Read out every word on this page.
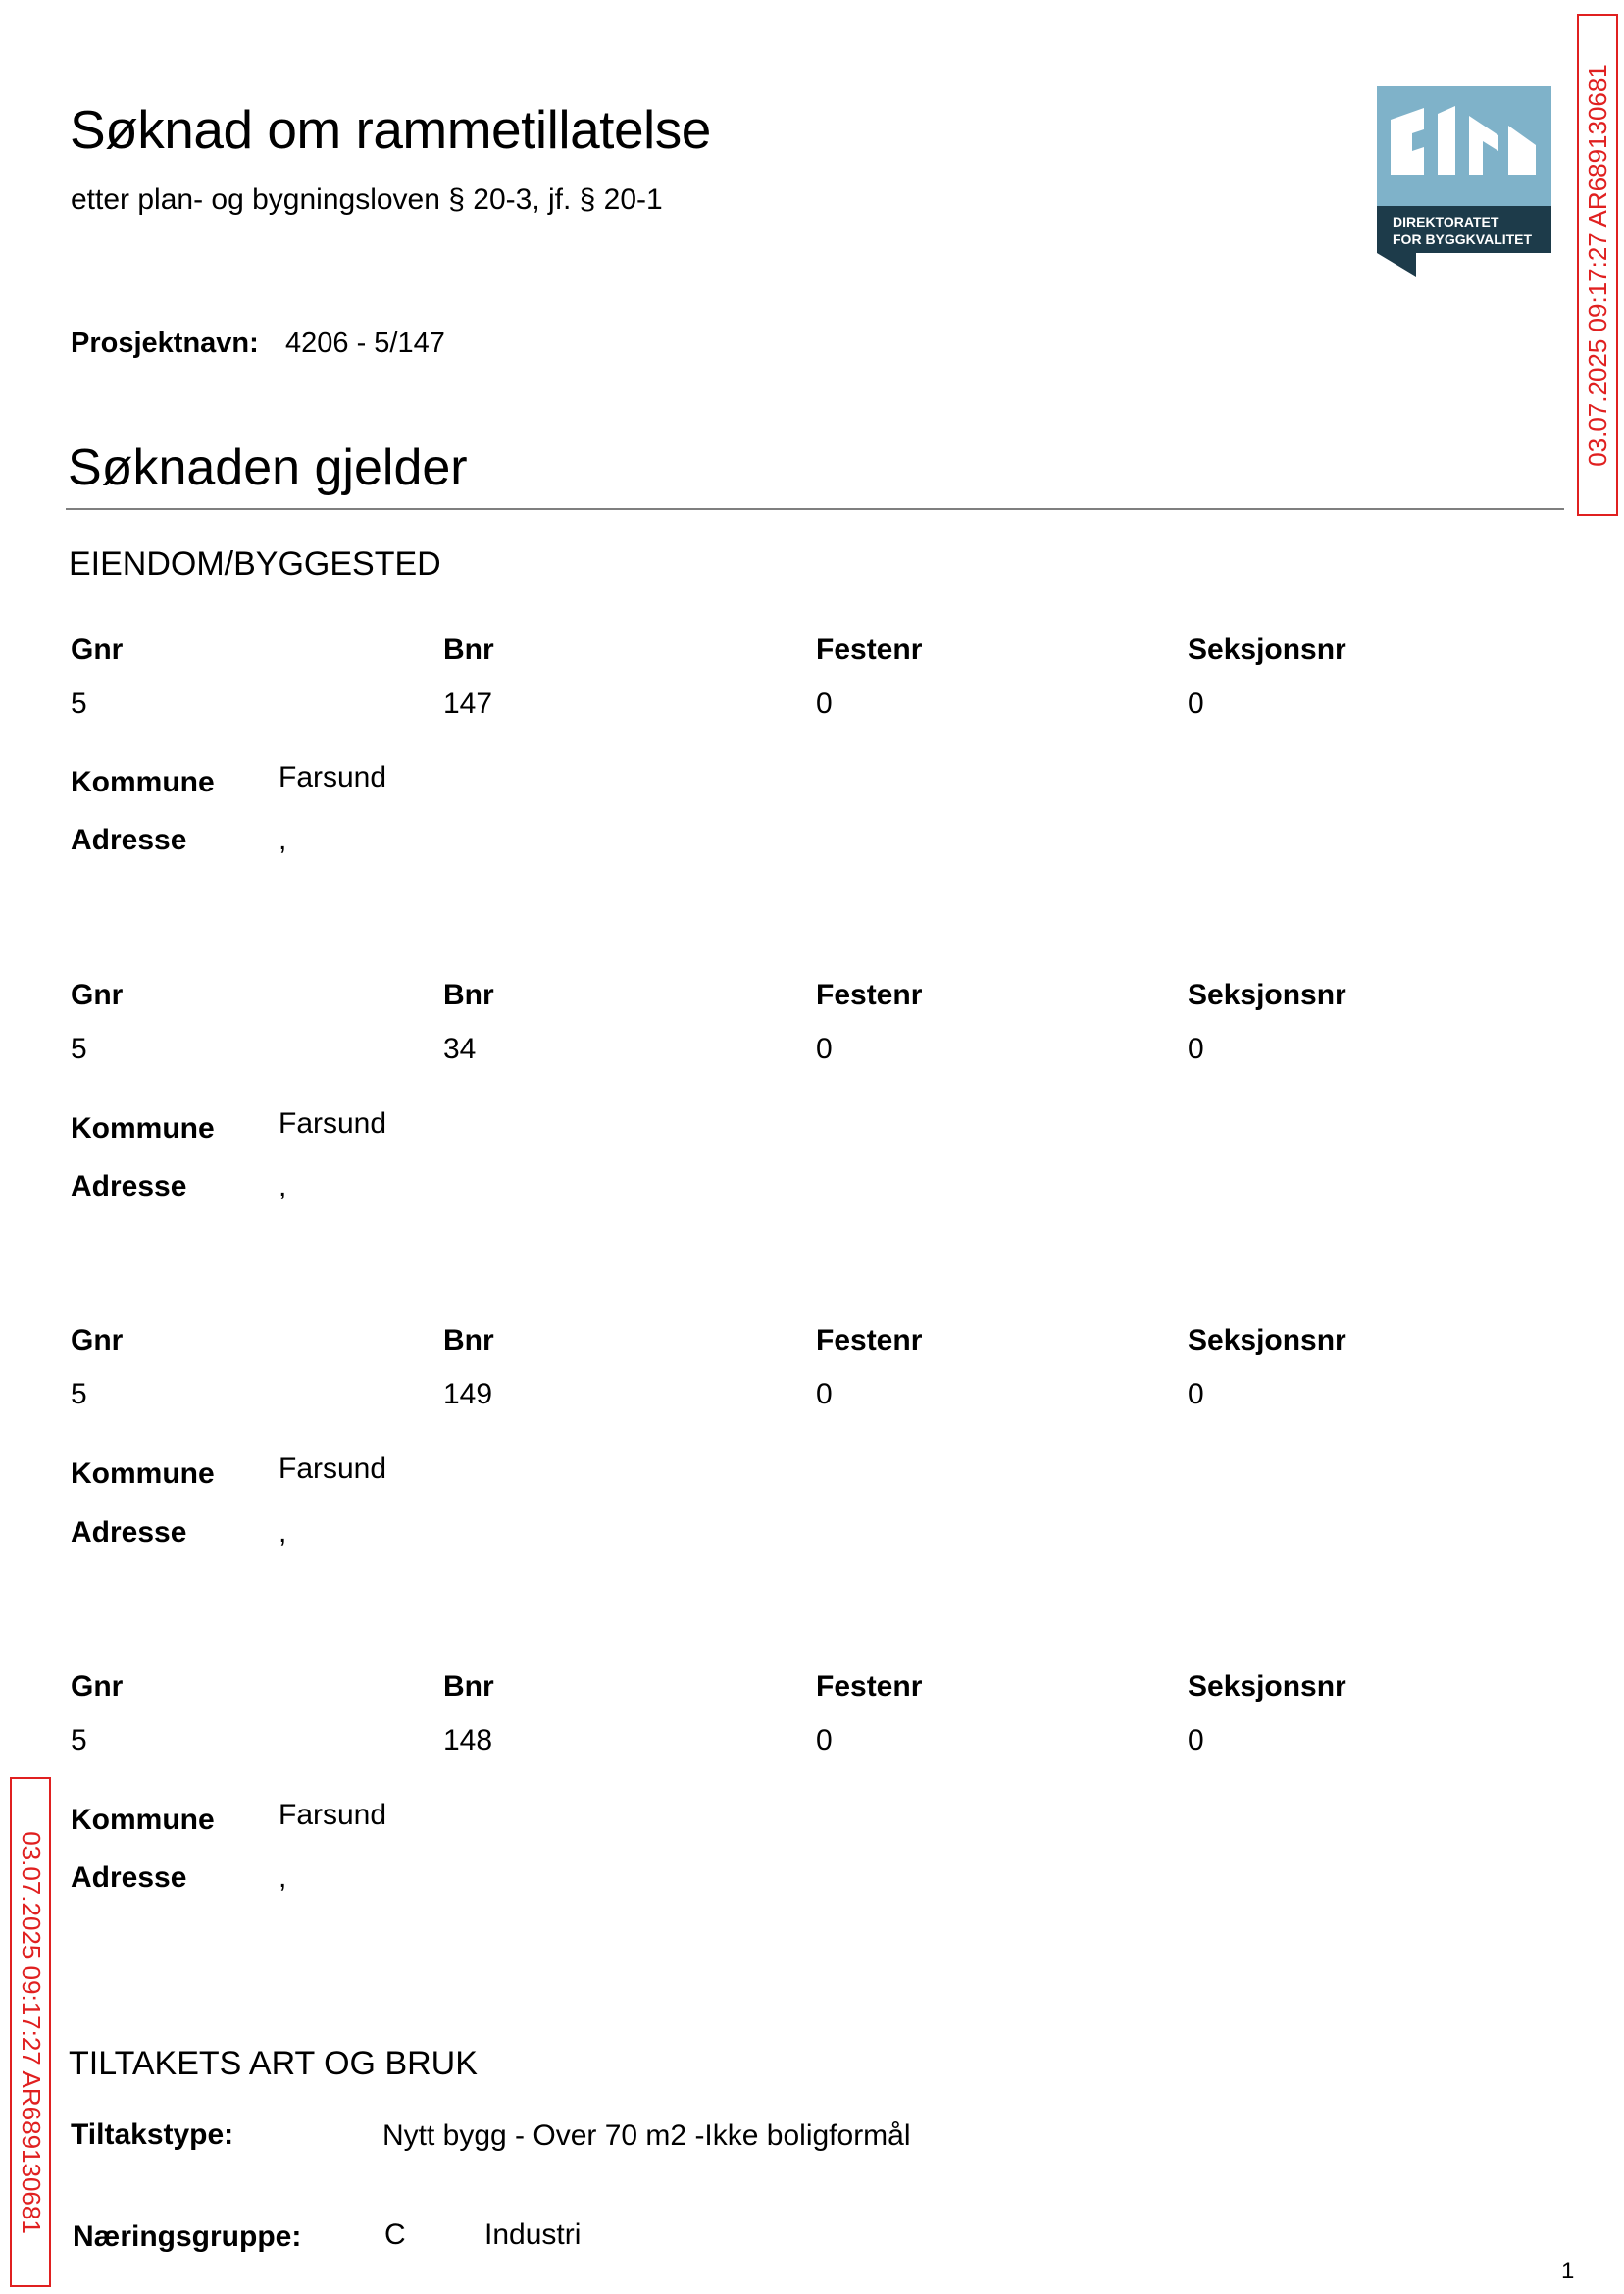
Søknad om rammetillatelse
etter plan- og bygningsloven § 20-3, jf. § 20-1
DIREKTORATET
FOR BYGGKVALITET 03.07.2025 09:17:27 AR689130681
Prosjektnavn: 4206 - 5/147
Søknaden gjelder
EIENDOM/BYGGESTED
Gnr	Bnr	Festenr	Seksjonsnr
5	147	0	0
Kommune Farsund
Adresse	,
Gnr	Bnr	Festenr	Seksjonsnr
5	34	0	0
Kommune Farsund
Adresse	,
Gnr	Bnr	Festenr	Seksjonsnr
5	149	0	0
Kommune Farsund
Adresse	,
Gnr	Bnr	Festenr	Seksjonsnr
5	148	0	0
Kommune Farsund
Adresse	,
03.07.2025 09:17:27 AR689130681 TILTAKETS ART OG BRUK
Tiltakstype:	Nytt bygg - Over 70 m2 -Ikke boligformål
Næringsgruppe:	C	Industri
1
